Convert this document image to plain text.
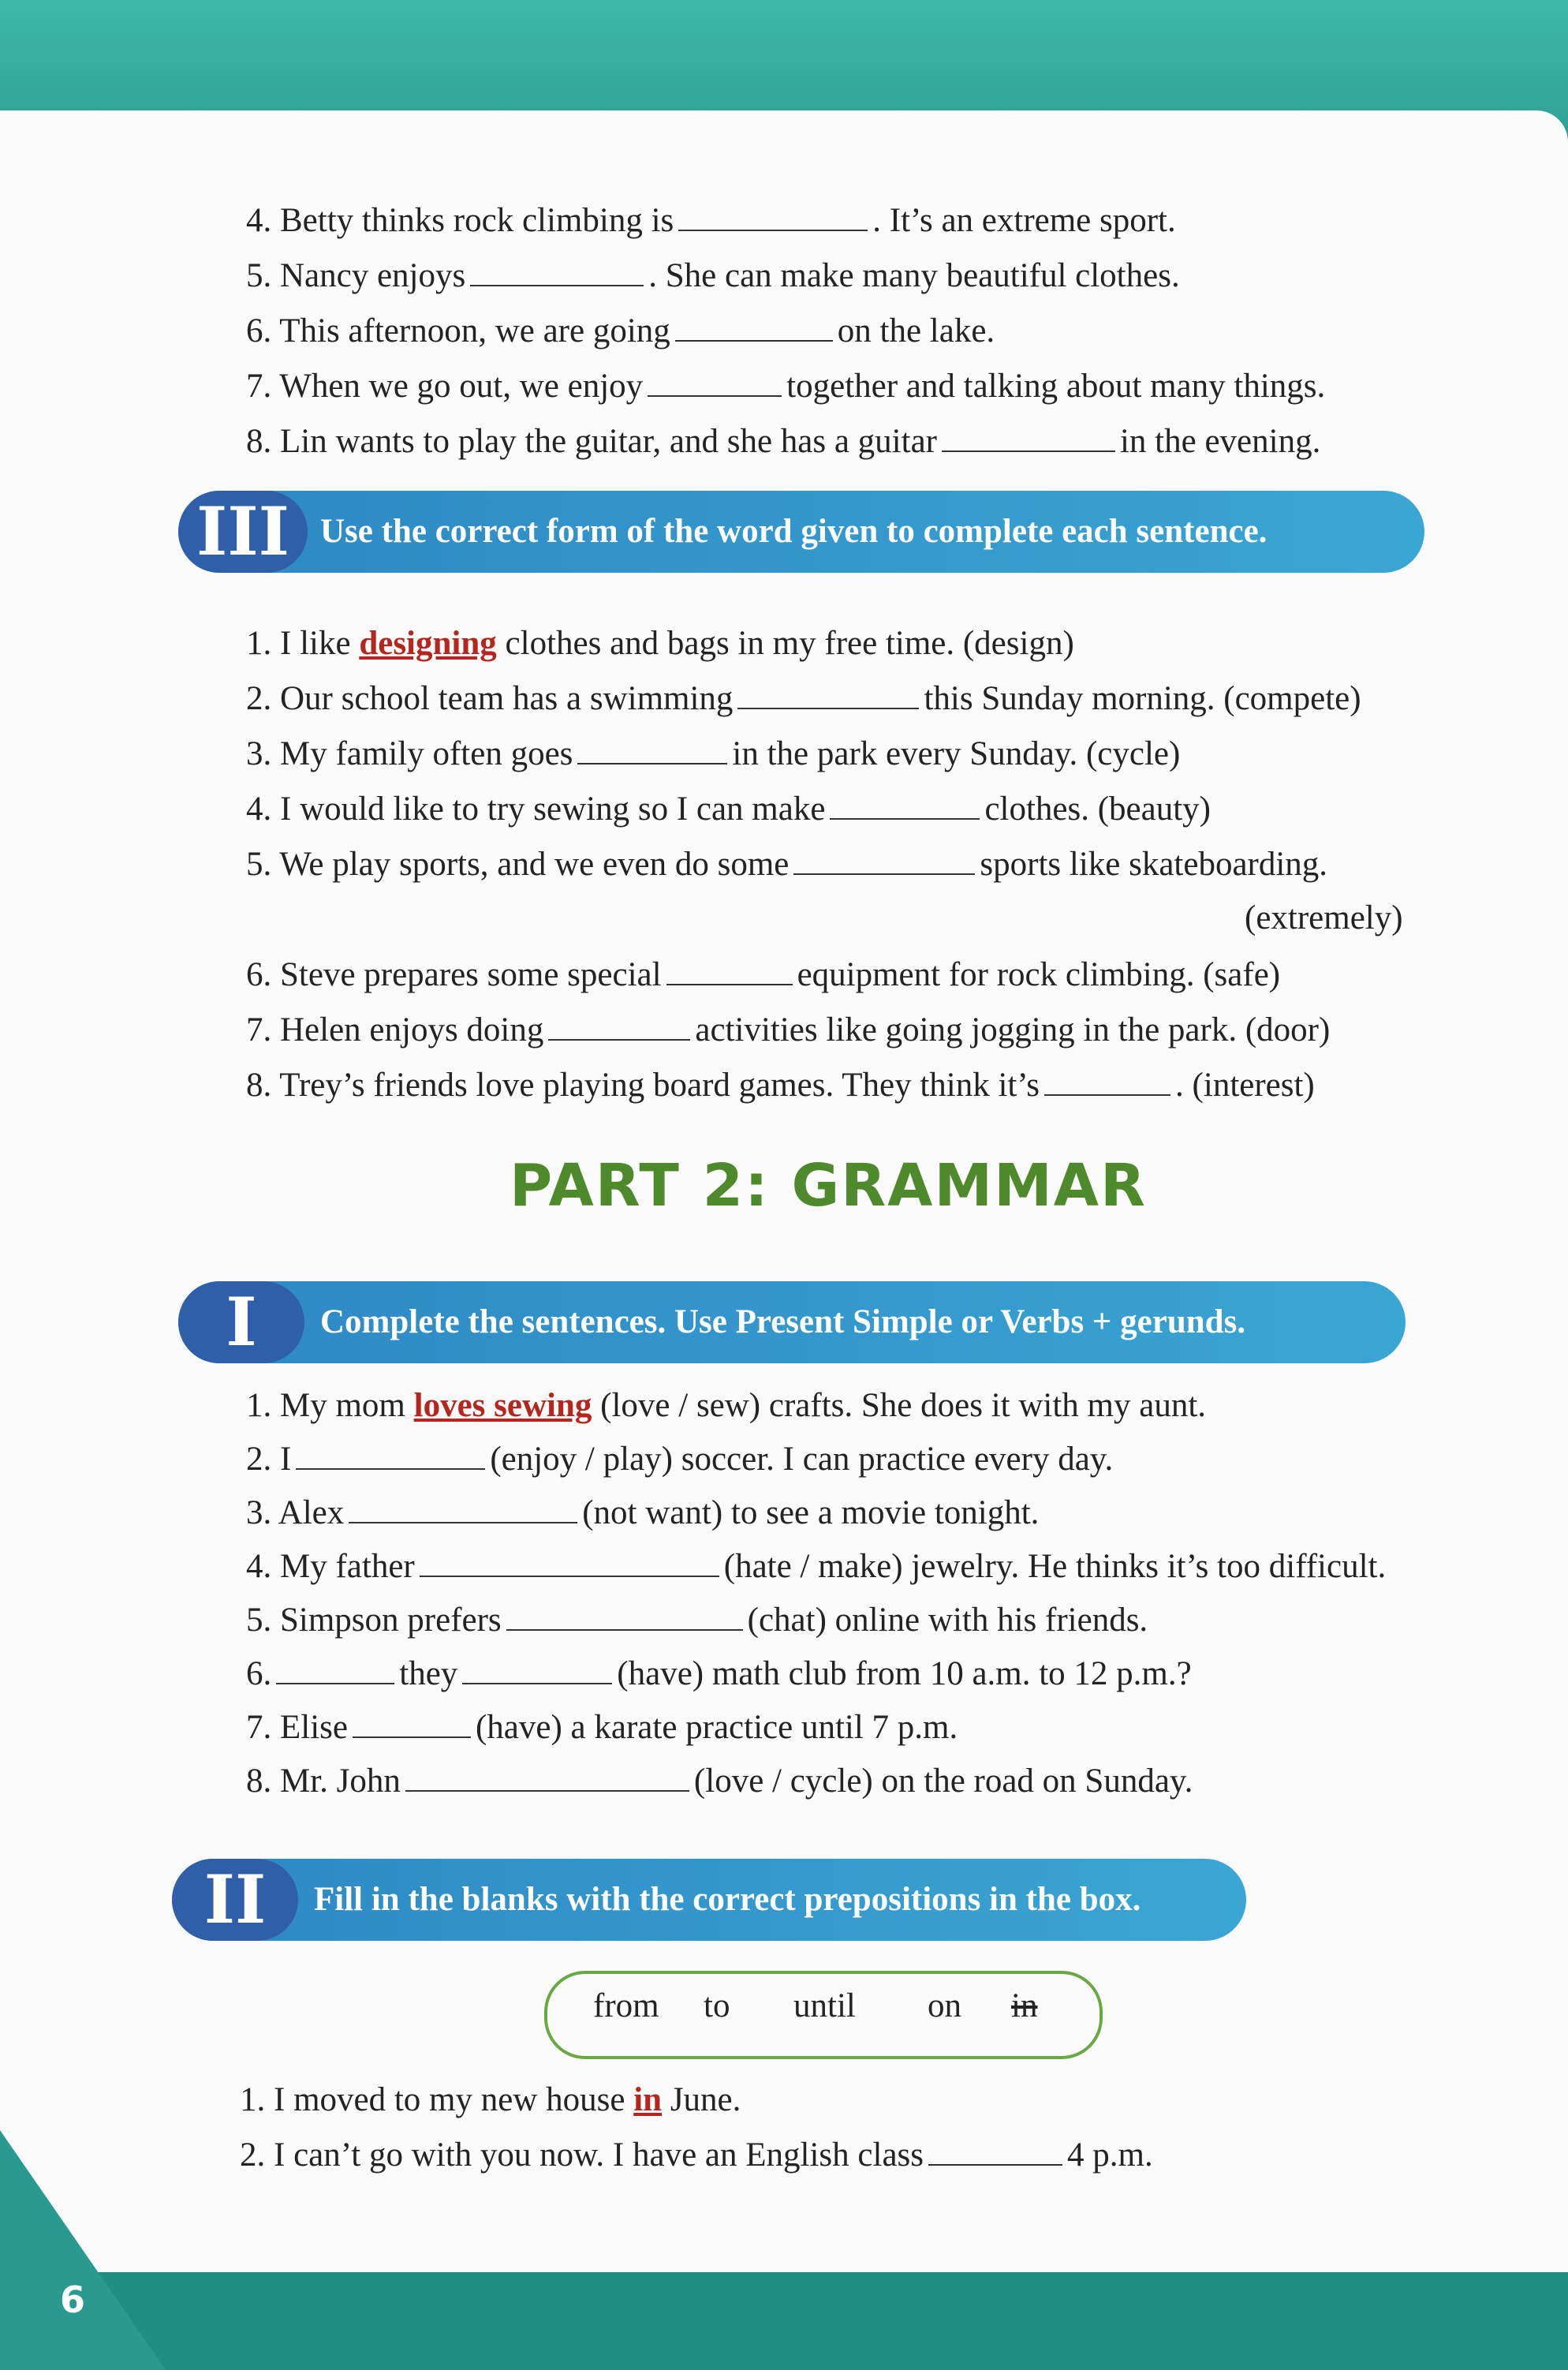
4. Betty thinks rock climbing is	. It’s an extreme sport.
5. Nancy enjoys	. She can make many beautiful clothes.
6. This afternoon, we are going	on the lake.
7. When we go out, we enjoy	together and talking about many things.
8. Lin wants to play the guitar, and she has a guitar	in the evening.
III Use the correct form of the word given to complete each sentence.
1. I like designing clothes and bags in my free time. (design)
2. Our school team has a swimming	this Sunday morning. (compete)
3. My family often goes	in the park every Sunday. (cycle)
4. I would like to try sewing so I can make	clothes. (beauty)
5. We play sports, and we even do some	sports like skateboarding.
(extremely)
6. Steve prepares some special	equipment for rock climbing. (safe)
7. Helen enjoys doing	activities like going jogging in the park. (door)
8. Trey’s friends love playing board games. They think it’s	. (interest)
PART 2: GRAMMAR
I	Complete the sentences. Use Present Simple or Verbs + gerunds.
1. My mom loves sewing (love / sew) crafts. She does it with my aunt.
2. I	(enjoy / play) soccer. I can practice every day.
3. Alex	(not want) to see a movie tonight.
4. My father	(hate / make) jewelry. He thinks it’s too difficult.
5. Simpson prefers	(chat) online with his friends.
6.	they	(have) math club from 10 a.m. to 12 p.m.?
7. Elise	(have) a karate practice until 7 p.m.
8. Mr. John	(love / cycle) on the road on Sunday.
II	Fill in the blanks with the correct prepositions in the box.
from to until on in
1. I moved to my new house in June.
2. I can’t go with you now. I have an English class	4 p.m.
6
